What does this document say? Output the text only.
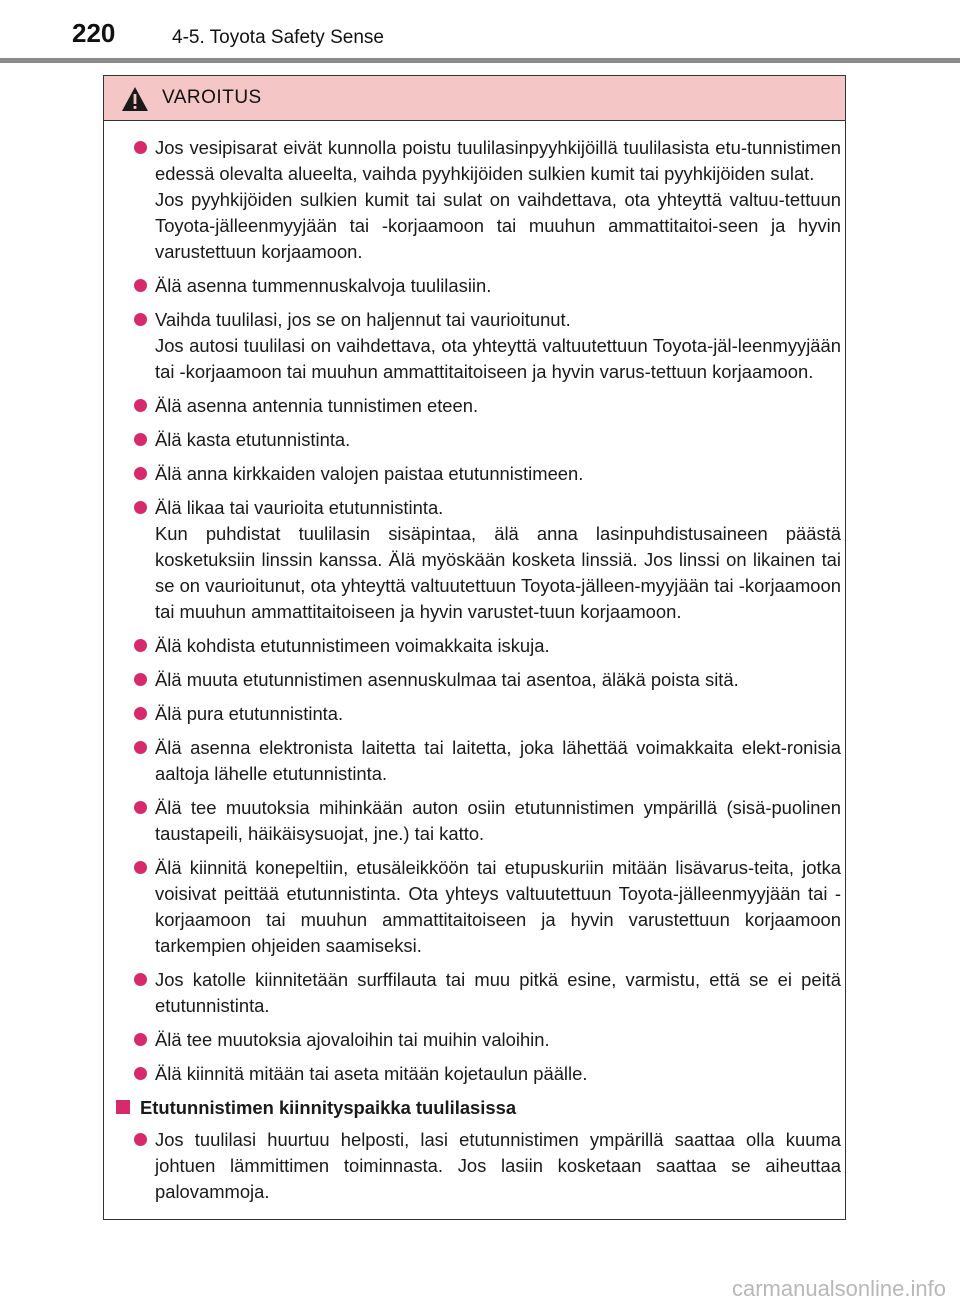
220	4-5. Toyota Safety Sense
VAROITUS

Jos vesipisarat eivät kunnolla poistu tuulilasinpyyhkijöillä tuulilasista etu-tunnistimen edessä olevalta alueelta, vaihda pyyhkijöiden sulkien kumit tai pyyhkijöiden sulat.

Jos pyyhkijöiden sulkien kumit tai sulat on vaihdettava, ota yhteyttä valtuu-tettuun Toyota-jälleenmyyjään tai -korjaamoon tai muuhun ammattitaitoi-seen ja hyvin varustettuun korjaamoon.

Älä asenna tummennuskalvoja tuulilasiin.

Vaihda tuulilasi, jos se on haljennut tai vaurioitunut.

Jos autosi tuulilasi on vaihdettava, ota yhteyttä valtuutettuun Toyota-jäl-leenmyyjään tai -korjaamoon tai muuhun ammattitaitoiseen ja hyvin varus-tettuun korjaamoon.

Älä asenna antennia tunnistimen eteen.

Älä kasta etutunnistinta.

Älä anna kirkkaiden valojen paistaa etutunnistimeen.

Älä likaa tai vaurioita etutunnistinta.

Kun puhdistat tuulilasin sisäpintaa, älä anna lasinpuhdistusaineen päästä kosketuksiin linssin kanssa. Älä myöskään kosketa linssiä. Jos linssi on likainen tai se on vaurioitunut, ota yhteyttä valtuutettuun Toyota-jälleen-myyjään tai -korjaamoon tai muuhun ammattitaitoiseen ja hyvin varustet-tuun korjaamoon.

Älä kohdista etutunnistimeen voimakkaita iskuja.

Älä muuta etutunnistimen asennuskulmaa tai asentoa, äläkä poista sitä.

Älä pura etutunnistinta.

Älä asenna elektronista laitetta tai laitetta, joka lähettää voimakkaita elekt-ronisia aaltoja lähelle etutunnistinta.

Älä tee muutoksia mihinkään auton osiin etutunnistimen ympärillä (sisä-puolinen taustapeili, häikäisysuojat, jne.) tai katto.

Älä kiinnitä konepeltiin, etusäleikköön tai etupuskuriin mitään lisävarus-teita, jotka voisivat peittää etutunnistinta. Ota yhteys valtuutettuun Toyota-jälleenmyyjään tai -korjaamoon tai muuhun ammattitaitoiseen ja hyvin varustettuun korjaamoon tarkempien ohjeiden saamiseksi.

Jos katolle kiinnitetään surffilauta tai muu pitkä esine, varmistu, että se ei peitä etutunnistinta.

Älä tee muutoksia ajovaloihin tai muihin valoihin.

Älä kiinnitä mitään tai aseta mitään kojetaulun päälle.

Etutunnistimen kiinnityspaikka tuulilasissa

Jos tuulilasi huurtuu helposti, lasi etutunnistimen ympärillä saattaa olla kuuma johtuen lämmittimen toiminnasta. Jos lasiin kosketaan saattaa se aiheuttaa palovammoja.

carmanualsonline.info
